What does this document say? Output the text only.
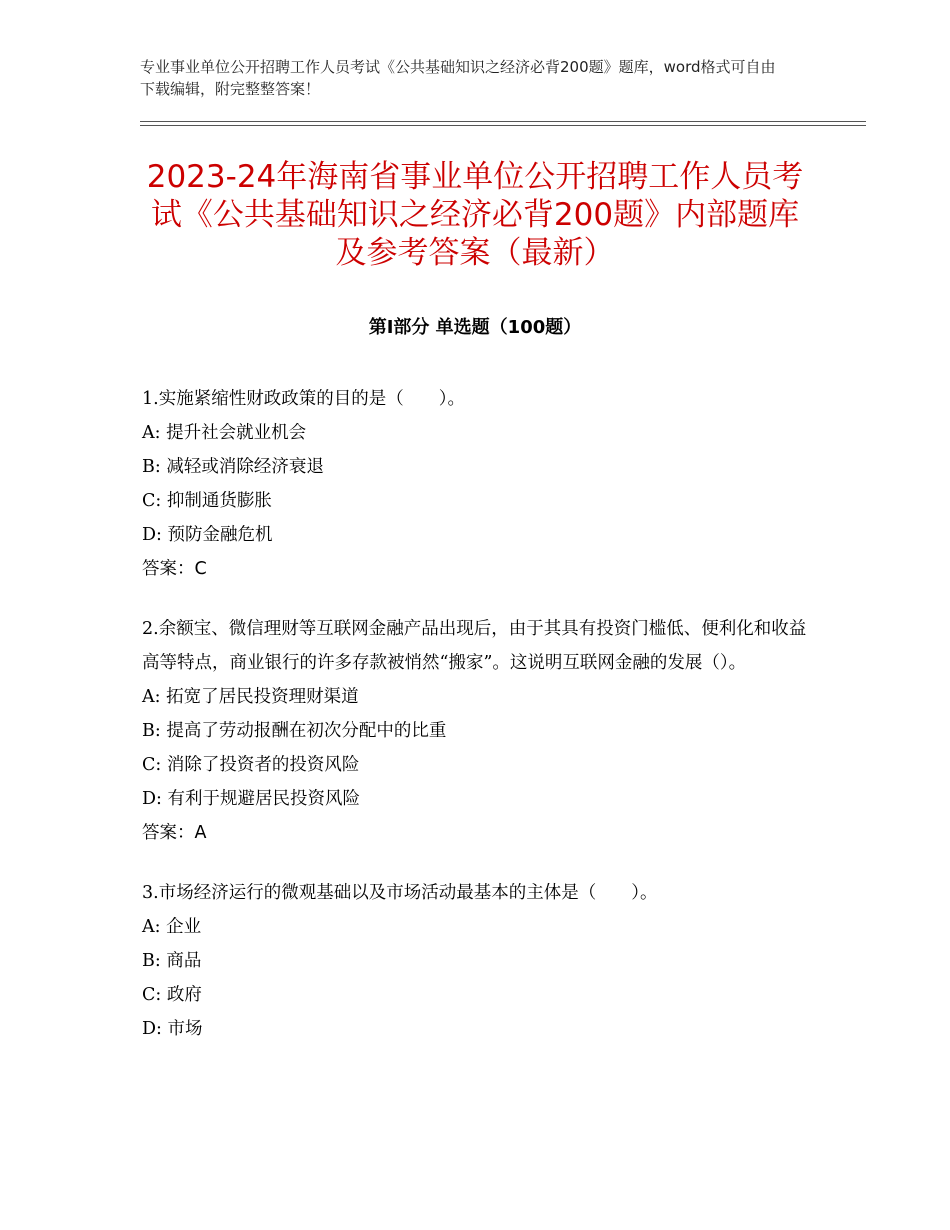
专业事业单位公开招聘工作人员考试《公共基础知识之经济必背200题》题库，word格式可自由下载编辑，附完整整答案！
2023-24年海南省事业单位公开招聘工作人员考试《公共基础知识之经济必背200题》内部题库及参考答案（最新）
第Ⅰ部分 单选题（100题）

1.实施紧缩性财政政策的目的是（　　）。

A: 提升社会就业机会

B: 减轻或消除经济衰退

C: 抑制通货膨胀

D: 预防金融危机

答案：C

2.余额宝、微信理财等互联网金融产品出现后，由于其具有投资门槛低、便利化和收益高等特点，商业银行的许多存款被悄然“搬家”。这说明互联网金融的发展（）。

A: 拓宽了居民投资理财渠道

B: 提高了劳动报酬在初次分配中的比重

C: 消除了投资者的投资风险

D: 有利于规避居民投资风险

答案：A

3.市场经济运行的微观基础以及市场活动最基本的主体是（　　）。

A: 企业

B: 商品

C: 政府

D: 市场
